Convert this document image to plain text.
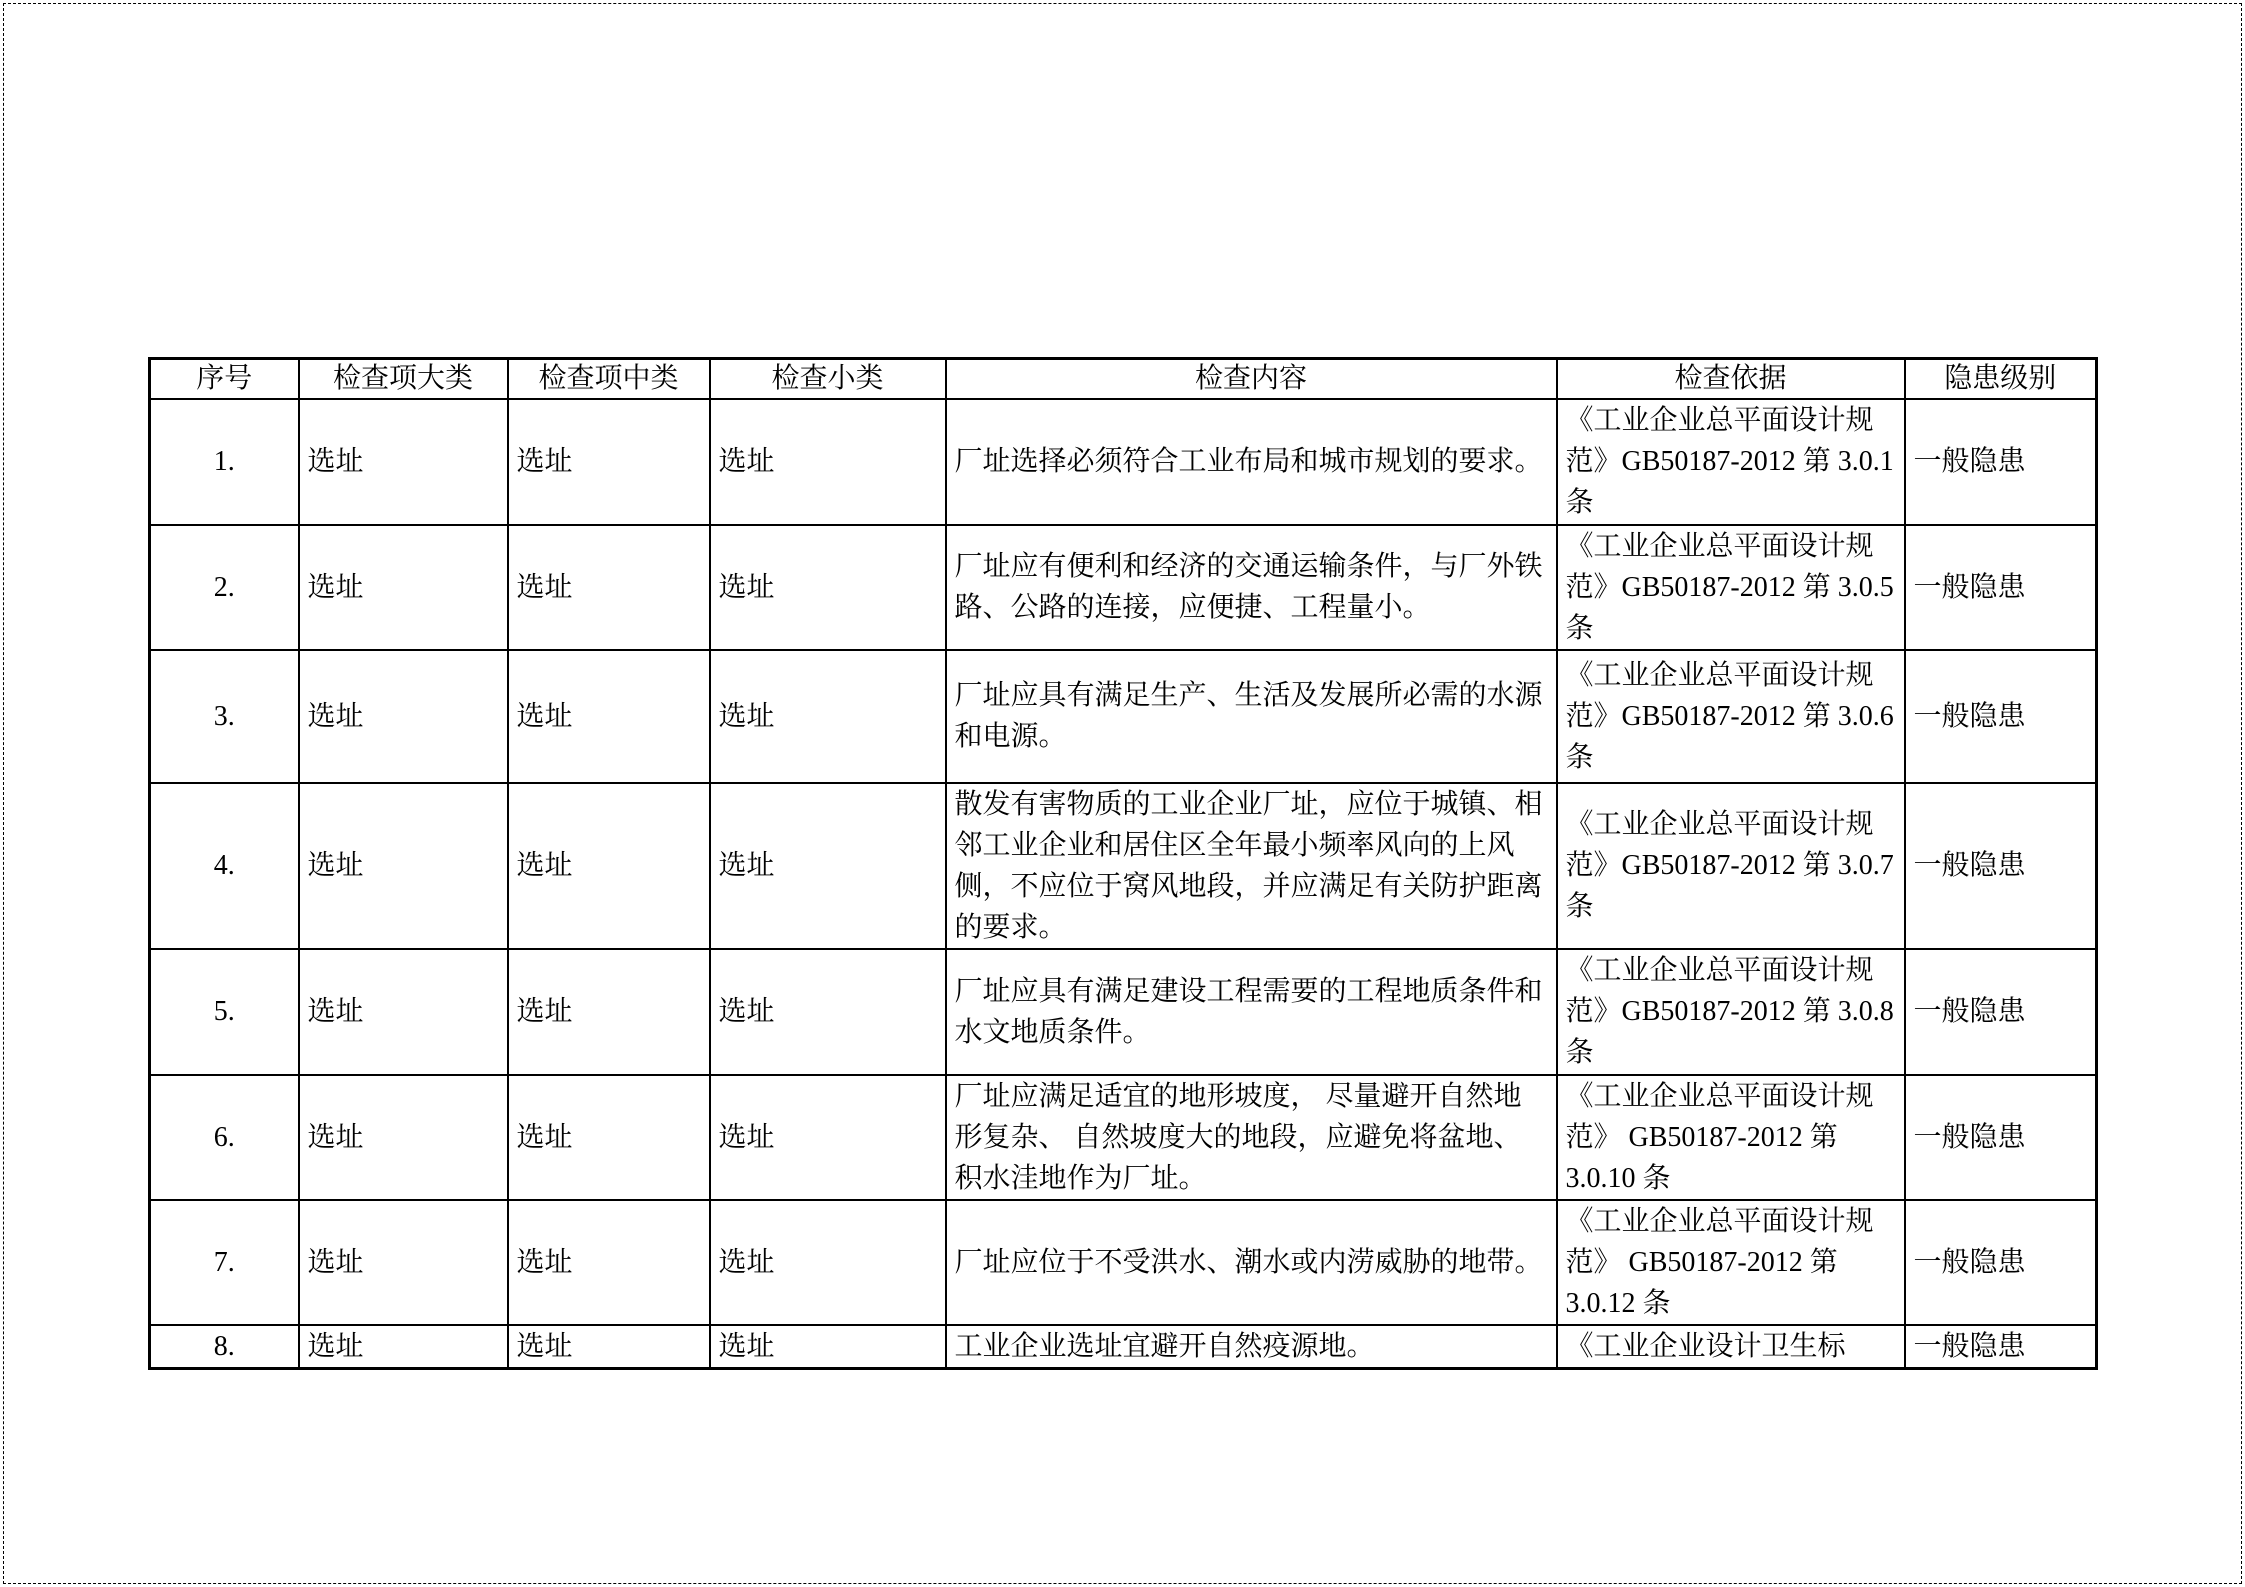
序号	检查项大类	检查项中类	检查小类	检查内容	检查依据	隐患级别
1.	选址	选址	选址	厂址选择必须符合工业布局和城市规划的要求。	《工业企业总平面设计规范》GB50187-2012 第 3.0.1 条	一般隐患
2.	选址	选址	选址	厂址应有便利和经济的交通运输条件，与厂外铁路、公路的连接，应便捷、工程量小。	《工业企业总平面设计规范》GB50187-2012 第 3.0.5 条	一般隐患
3.	选址	选址	选址	厂址应具有满足生产、生活及发展所必需的水源和电源。	《工业企业总平面设计规范》GB50187-2012 第 3.0.6 条	一般隐患
4.	选址	选址	选址	散发有害物质的工业企业厂址，应位于城镇、相邻工业企业和居住区全年最小频率风向的上风侧，不应位于窝风地段，并应满足有关防护距离的要求。	《工业企业总平面设计规范》GB50187-2012 第 3.0.7 条	一般隐患
5.	选址	选址	选址	厂址应具有满足建设工程需要的工程地质条件和水文地质条件。	《工业企业总平面设计规范》GB50187-2012 第 3.0.8 条	一般隐患
6.	选址	选址	选址	厂址应满足适宜的地形坡度， 尽量避开自然地形复杂、 自然坡度大的地段，应避免将盆地、积水洼地作为厂址。	《工业企业总平面设计规范》 GB50187-2012 第 3.0.10 条	一般隐患
7.	选址	选址	选址	厂址应位于不受洪水、潮水或内涝威胁的地带。	《工业企业总平面设计规范》 GB50187-2012 第 3.0.12 条	一般隐患
8.	选址	选址	选址	工业企业选址宜避开自然疫源地。	《工业企业设计卫生标	一般隐患
